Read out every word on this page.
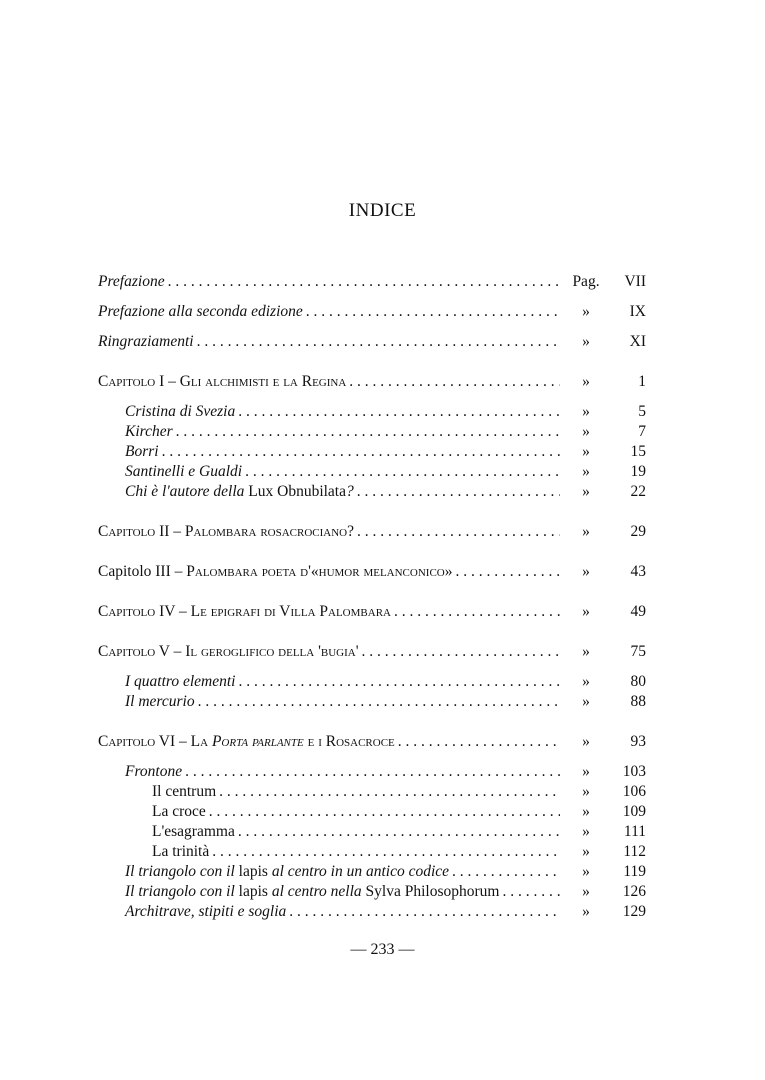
INDICE
Prefazione . . .	Pag.	VII
Prefazione alla seconda edizione . . .	»	IX
Ringraziamenti . . .	»	XI
Capitolo I – Gli alchimisti e la Regina . . .	»	1
Cristina di Svezia . . .	»	5
Kircher . . .	»	7
Borri . . .	»	15
Santinelli e Gualdi . . .	»	19
Chi è l'autore della Lux Obnubilata? . . .	»	22
Capitolo II – Palombara rosacrociano? . . .	»	29
Capitolo III – Palombara poeta d'«humor melanconico» . . .	»	43
Capitolo IV – Le epigrafi di Villa Palombara . . .	»	49
Capitolo V – Il geroglifico della 'bugia' . . .	»	75
I quattro elementi . . .	»	80
Il mercurio . . .	»	88
Capitolo VI – La Porta parlante e i Rosacroce . . .	»	93
Frontone . . .	»	103
Il centrum . . .	»	106
La croce . . .	»	109
L'esagramma . . .	»	111
La trinità . . .	»	112
Il triangolo con il lapis al centro in un antico codice . . .	»	119
Il triangolo con il lapis al centro nella Sylva Philosophorum . . .	»	126
Architrave, stipiti e soglia . . .	»	129
— 233 —
